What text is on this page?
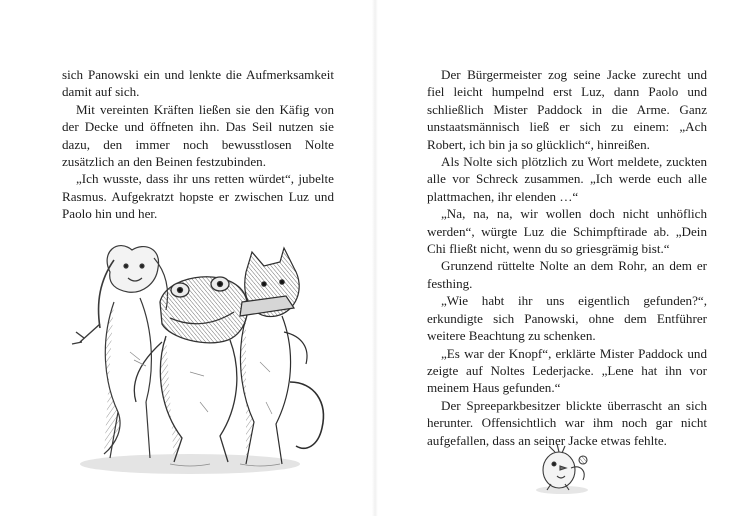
sich Panowski ein und lenkte die Aufmerksamkeit damit auf sich.

Mit vereinten Kräften ließen sie den Käfig von der Decke und öffneten ihn. Das Seil nutzen sie dazu, den immer noch bewusstlosen Nolte zusätzlich an den Beinen festzubinden.

„Ich wusste, dass ihr uns retten würdet“, jubelte Rasmus. Aufgekratzt hopste er zwischen Luz und Paolo hin und her.

Der Bürgermeister zog seine Jacke zurecht und fiel leicht humpelnd erst Luz, dann Paolo und schließlich Mister Paddock in die Arme. Ganz unstaatsmännisch ließ er sich zu einem: „Ach Robert, ich bin ja so glücklich“, hinreißen.

Als Nolte sich plötzlich zu Wort meldete, zuckten alle vor Schreck zusammen. „Ich werde euch alle plattmachen, ihr elenden …“

„Na, na, na, wir wollen doch nicht unhöflich werden“, würgte Luz die Schimpftirade ab. „Dein Chi fließt nicht, wenn du so griesgrämig bist.“

Grunzend rüttelte Nolte an dem Rohr, an dem er festhing.

„Wie habt ihr uns eigentlich gefunden?“, erkundigte sich Panowski, ohne dem Entführer weitere Beachtung zu schenken.

„Es war der Knopf“, erklärte Mister Paddock und zeigte auf Noltes Lederjacke. „Lene hat ihn vor meinem Haus gefunden.“

Der Spreeparkbesitzer blickte überrascht an sich herunter. Offensichtlich war ihm noch gar nicht aufgefallen, dass an seiner Jacke etwas fehlte.
